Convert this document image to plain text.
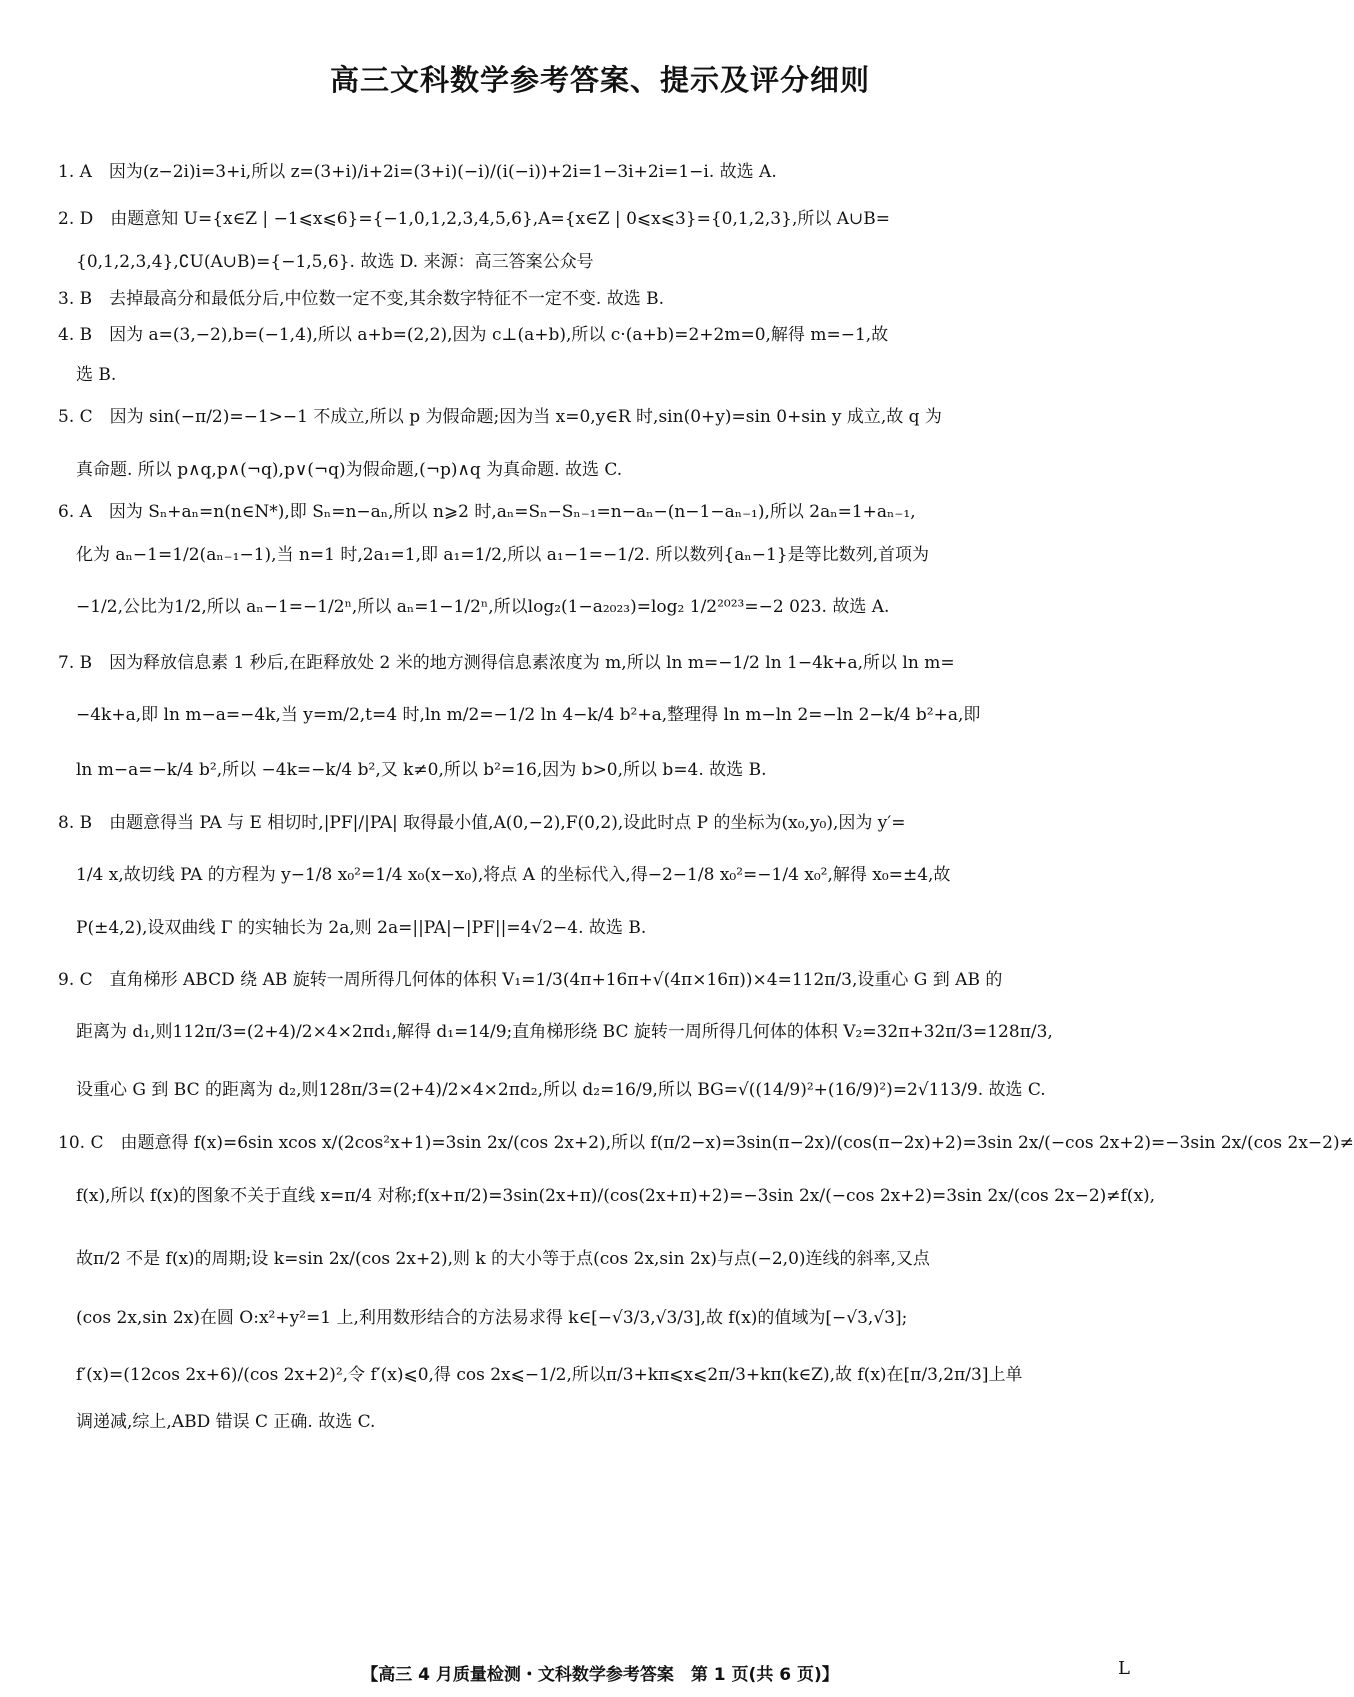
高三文科数学参考答案、提示及评分细则
1. A　因为(z−2i)i=3+i,所以 z=(3+i)/i+2i=(3+i)(−i)/(i(−i))+2i=1−3i+2i=1−i. 故选 A.
2. D　由题意知 U={x∈Z | −1⩽x⩽6}={−1,0,1,2,3,4,5,6},A={x∈Z | 0⩽x⩽3}={0,1,2,3},所以 A∪B=
{0,1,2,3,4},∁U(A∪B)={−1,5,6}. 故选 D. 来源：高三答案公众号
3. B　去掉最高分和最低分后,中位数一定不变,其余数字特征不一定不变. 故选 B.
4. B　因为 a=(3,−2),b=(−1,4),所以 a+b=(2,2),因为 c⊥(a+b),所以 c·(a+b)=2+2m=0,解得 m=−1,故
选 B.
5. C　因为 sin(−π/2)=−1>−1 不成立,所以 p 为假命题;因为当 x=0,y∈R 时,sin(0+y)=sin 0+sin y 成立,故 q 为
真命题. 所以 p∧q,p∧(¬q),p∨(¬q)为假命题,(¬p)∧q 为真命题. 故选 C.
6. A　因为 Sₙ+aₙ=n(n∈N*),即 Sₙ=n−aₙ,所以 n⩾2 时,aₙ=Sₙ−Sₙ₋₁=n−aₙ−(n−1−aₙ₋₁),所以 2aₙ=1+aₙ₋₁,
化为 aₙ−1=1/2(aₙ₋₁−1),当 n=1 时,2a₁=1,即 a₁=1/2,所以 a₁−1=−1/2. 所以数列{aₙ−1}是等比数列,首项为
−1/2,公比为1/2,所以 aₙ−1=−1/2ⁿ,所以 aₙ=1−1/2ⁿ,所以log₂(1−a₂₀₂₃)=log₂ 1/2²⁰²³=−2 023. 故选 A.
7. B　因为释放信息素 1 秒后,在距释放处 2 米的地方测得信息素浓度为 m,所以 ln m=−1/2 ln 1−4k+a,所以 ln m=
−4k+a,即 ln m−a=−4k,当 y=m/2,t=4 时,ln m/2=−1/2 ln 4−k/4 b²+a,整理得 ln m−ln 2=−ln 2−k/4 b²+a,即
ln m−a=−k/4 b²,所以 −4k=−k/4 b²,又 k≠0,所以 b²=16,因为 b>0,所以 b=4. 故选 B.
8. B　由题意得当 PA 与 E 相切时,|PF|/|PA| 取得最小值,A(0,−2),F(0,2),设此时点 P 的坐标为(x₀,y₀),因为 y′=
1/4 x,故切线 PA 的方程为 y−1/8 x₀²=1/4 x₀(x−x₀),将点 A 的坐标代入,得−2−1/8 x₀²=−1/4 x₀²,解得 x₀=±4,故
P(±4,2),设双曲线 Γ 的实轴长为 2a,则 2a=||PA|−|PF||=4√2−4. 故选 B.
9. C　直角梯形 ABCD 绕 AB 旋转一周所得几何体的体积 V₁=1/3(4π+16π+√(4π×16π))×4=112π/3,设重心 G 到 AB 的
距离为 d₁,则112π/3=(2+4)/2×4×2πd₁,解得 d₁=14/9;直角梯形绕 BC 旋转一周所得几何体的体积 V₂=32π+32π/3=128π/3,
设重心 G 到 BC 的距离为 d₂,则128π/3=(2+4)/2×4×2πd₂,所以 d₂=16/9,所以 BG=√((14/9)²+(16/9)²)=2√113/9. 故选 C.
10. C　由题意得 f(x)=6sin xcos x/(2cos²x+1)=3sin 2x/(cos 2x+2),所以 f(π/2−x)=3sin(π−2x)/(cos(π−2x)+2)=3sin 2x/(−cos 2x+2)=−3sin 2x/(cos 2x−2)≠
f(x),所以 f(x)的图象不关于直线 x=π/4 对称;f(x+π/2)=3sin(2x+π)/(cos(2x+π)+2)=−3sin 2x/(−cos 2x+2)=3sin 2x/(cos 2x−2)≠f(x),
故π/2 不是 f(x)的周期;设 k=sin 2x/(cos 2x+2),则 k 的大小等于点(cos 2x,sin 2x)与点(−2,0)连线的斜率,又点
(cos 2x,sin 2x)在圆 O:x²+y²=1 上,利用数形结合的方法易求得 k∈[−√3/3,√3/3],故 f(x)的值域为[−√3,√3];
f′(x)=(12cos 2x+6)/(cos 2x+2)²,令 f′(x)⩽0,得 cos 2x⩽−1/2,所以π/3+kπ⩽x⩽2π/3+kπ(k∈Z),故 f(x)在[π/3,2π/3]上单
调递减,综上,ABD 错误 C 正确. 故选 C.
【高三 4 月质量检测・文科数学参考答案　第 1 页(共 6 页)】	L
